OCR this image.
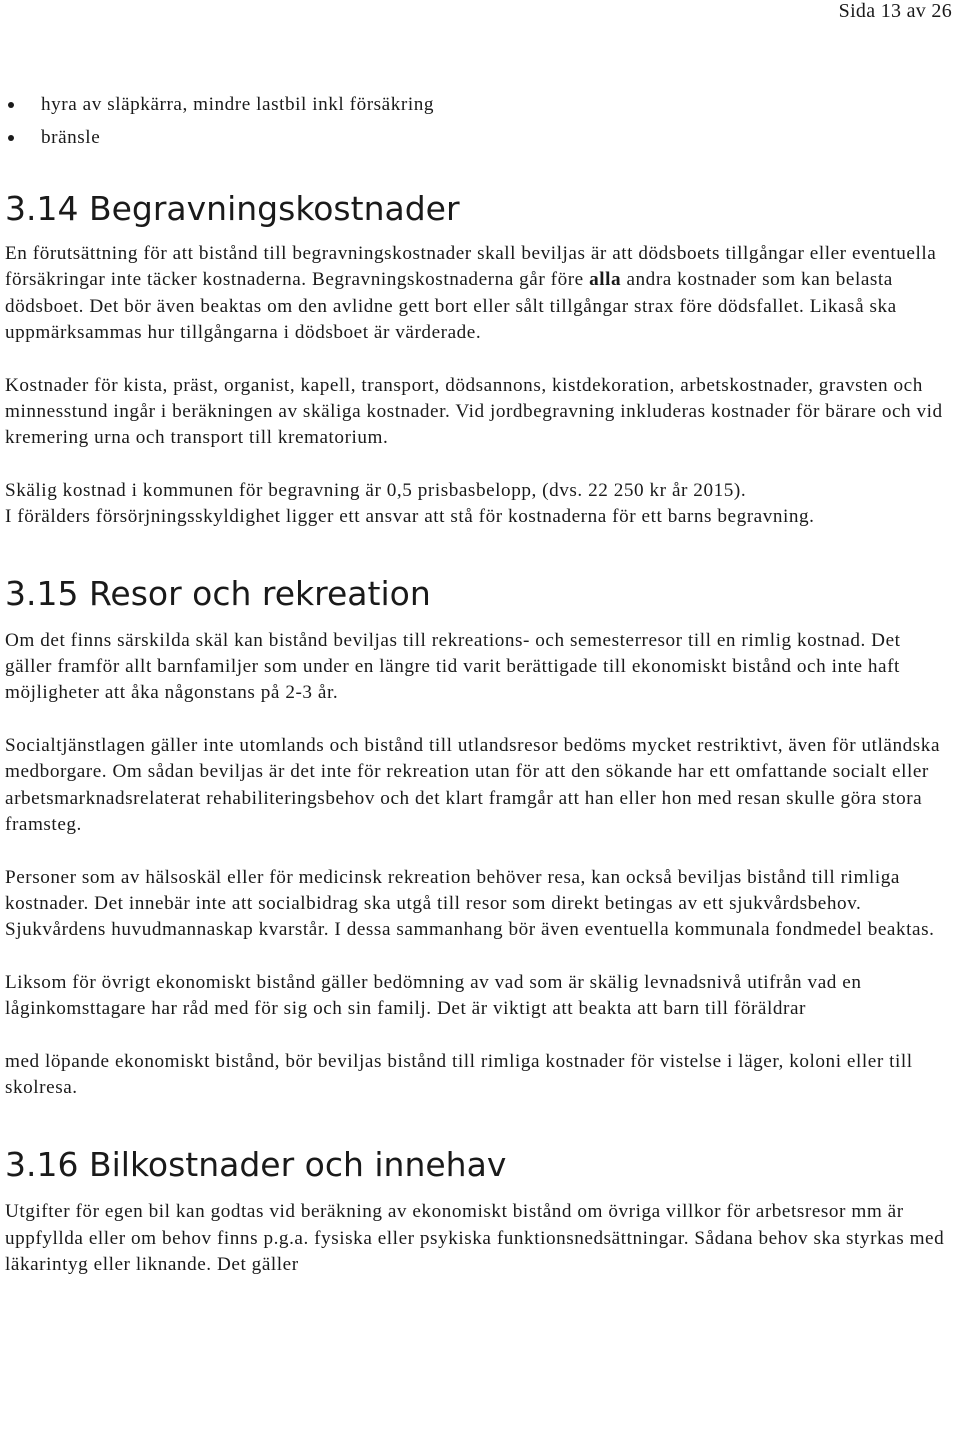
Sida 13 av 26
hyra av släpkärra, mindre lastbil inkl försäkring
bränsle
3.14 Begravningskostnader

En förutsättning för att bistånd till begravningskostnader skall beviljas är att dödsboets tillgångar eller eventuella försäkringar inte täcker kostnaderna. Begravningskostnaderna går före alla andra kostnader som kan belasta dödsboet. Det bör även beaktas om den avlidne gett bort eller sålt tillgångar strax före dödsfallet. Likaså ska uppmärksammas hur tillgångarna i dödsboet är värderade.

Kostnader för kista, präst, organist, kapell, transport, dödsannons, kistdekoration, arbetskostnader, gravsten och minnesstund ingår i beräkningen av skäliga kostnader. Vid jordbegravning inkluderas kostnader för bärare och vid kremering urna och transport till krematorium.

Skälig kostnad i kommunen för begravning är 0,5 prisbasbelopp, (dvs. 22 250 kr år 2015).

I förälders försörjningsskyldighet ligger ett ansvar att stå för kostnaderna för ett barns begravning.

3.15 Resor och rekreation

Om det finns särskilda skäl kan bistånd beviljas till rekreations- och semesterresor till en rimlig kostnad. Det gäller framför allt barnfamiljer som under en längre tid varit berättigade till ekonomiskt bistånd och inte haft möjligheter att åka någonstans på 2-3 år.

Socialtjänstlagen gäller inte utomlands och bistånd till utlandsresor bedöms mycket restriktivt, även för utländska medborgare. Om sådan beviljas är det inte för rekreation utan för att den sökande har ett omfattande socialt eller arbetsmarknadsrelaterat rehabiliteringsbehov och det klart framgår att han eller hon med resan skulle göra stora framsteg.

Personer som av hälsoskäl eller för medicinsk rekreation behöver resa, kan också beviljas bistånd till rimliga kostnader. Det innebär inte att socialbidrag ska utgå till resor som direkt betingas av ett sjukvårdsbehov. Sjukvårdens huvudmannaskap kvarstår. I dessa sammanhang bör även eventuella kommunala fondmedel beaktas.

Liksom för övrigt ekonomiskt bistånd gäller bedömning av vad som är skälig levnadsnivå utifrån vad en låginkomsttagare har råd med för sig och sin familj. Det är viktigt att beakta att barn till föräldrar

med löpande ekonomiskt bistånd, bör beviljas bistånd till rimliga kostnader för vistelse i läger, koloni eller till skolresa.

3.16 Bilkostnader och innehav

Utgifter för egen bil kan godtas vid beräkning av ekonomiskt bistånd om övriga villkor för arbetsresor mm är uppfyllda eller om behov finns p.g.a. fysiska eller psykiska funktionsnedsättningar. Sådana behov ska styrkas med läkarintyg eller liknande. Det gäller
